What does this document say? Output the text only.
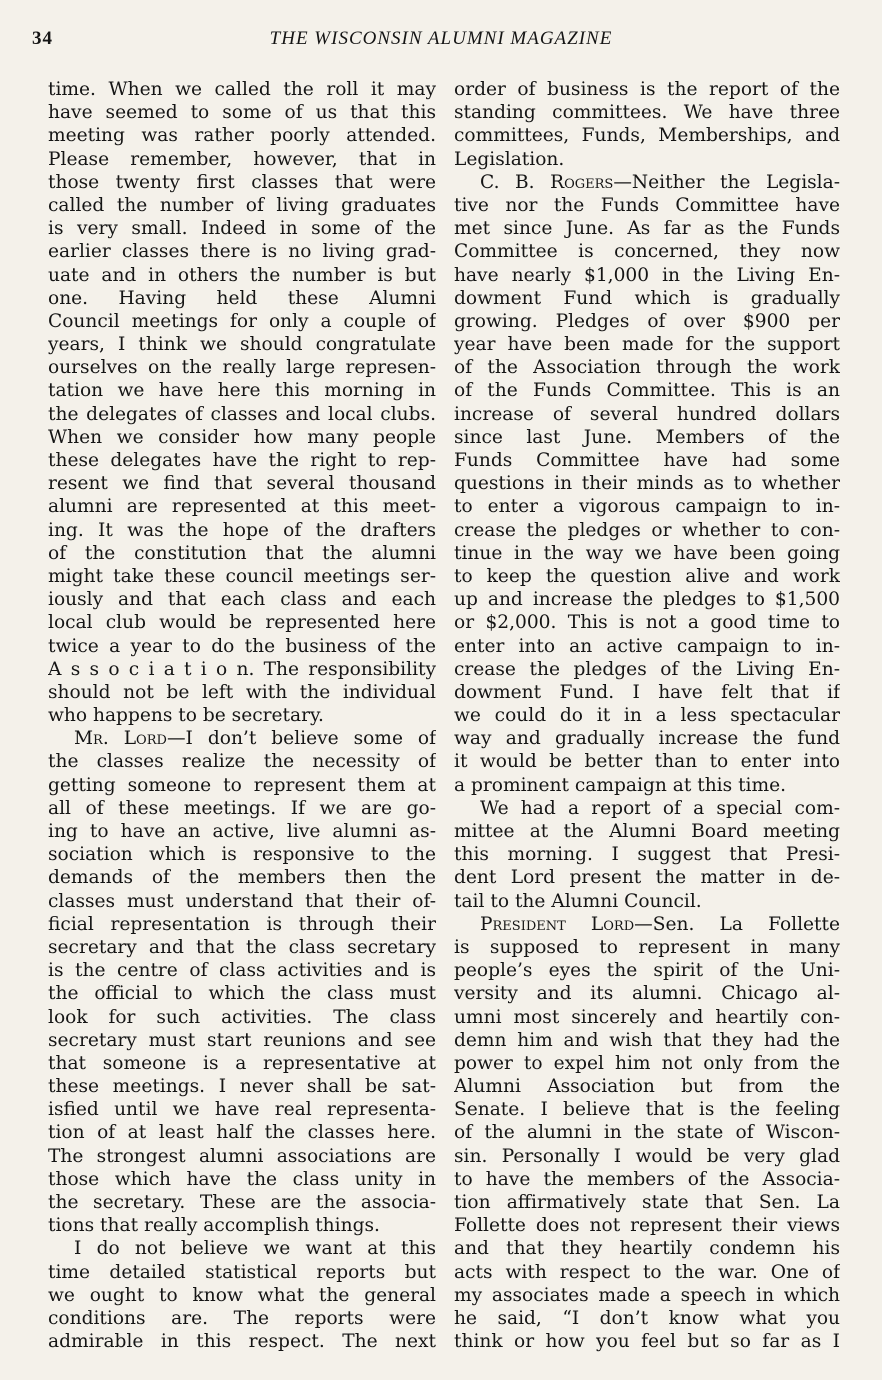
34	THE WISCONSIN ALUMNI MAGAZINE
time. When we called the roll it may
have seemed to some of us that this
meeting was rather poorly attended.
Please remember, however, that in
those twenty first classes that were
called the number of living graduates
is very small. Indeed in some of the
earlier classes there is no living grad-
uate and in others the number is but
one. Having held these Alumni
Council meetings for only a couple of
years, I think we should congratulate
ourselves on the really large represen-
tation we have here this morning in
the delegates of classes and local clubs.
When we consider how many people
these delegates have the right to rep-
resent we find that several thousand
alumni are represented at this meet-
ing. It was the hope of the drafters
of the constitution that the alumni
might take these council meetings ser-
iously and that each class and each
local club would be represented here
twice a year to do the business of the
A s s o c i a t i o n. The responsibility
should not be left with the individual
who happens to be secretary.
Mr. Lord—I don’t believe some of
the classes realize the necessity of
getting someone to represent them at
all of these meetings. If we are go-
ing to have an active, live alumni as-
sociation which is responsive to the
demands of the members then the
classes must understand that their of-
ficial representation is through their
secretary and that the class secretary
is the centre of class activities and is
the official to which the class must
look for such activities. The class
secretary must start reunions and see
that someone is a representative at
these meetings. I never shall be sat-
isfied until we have real representa-
tion of at least half the classes here.
The strongest alumni associations are
those which have the class unity in
the secretary. These are the associa-
tions that really accomplish things.
I do not believe we want at this
time detailed statistical reports but
we ought to know what the general
conditions are. The reports were
admirable in this respect. The next
order of business is the report of the
standing committees. We have three
committees, Funds, Memberships, and
Legislation.
C. B. Rogers—Neither the Legisla-
tive nor the Funds Committee have
met since June. As far as the Funds
Committee is concerned, they now
have nearly $1,000 in the Living En-
dowment Fund which is gradually
growing. Pledges of over $900 per
year have been made for the support
of the Association through the work
of the Funds Committee. This is an
increase of several hundred dollars
since last June. Members of the
Funds Committee have had some
questions in their minds as to whether
to enter a vigorous campaign to in-
crease the pledges or whether to con-
tinue in the way we have been going
to keep the question alive and work
up and increase the pledges to $1,500
or $2,000. This is not a good time to
enter into an active campaign to in-
crease the pledges of the Living En-
dowment Fund. I have felt that if
we could do it in a less spectacular
way and gradually increase the fund
it would be better than to enter into
a prominent campaign at this time.
We had a report of a special com-
mittee at the Alumni Board meeting
this morning. I suggest that Presi-
dent Lord present the matter in de-
tail to the Alumni Council.
President Lord—Sen. La Follette
is supposed to represent in many
people’s eyes the spirit of the Uni-
versity and its alumni. Chicago al-
umni most sincerely and heartily con-
demn him and wish that they had the
power to expel him not only from the
Alumni Association but from the
Senate. I believe that is the feeling
of the alumni in the state of Wiscon-
sin. Personally I would be very glad
to have the members of the Associa-
tion affirmatively state that Sen. La
Follette does not represent their views
and that they heartily condemn his
acts with respect to the war. One of
my associates made a speech in which
he said, “I don’t know what you
think or how you feel but so far as I
